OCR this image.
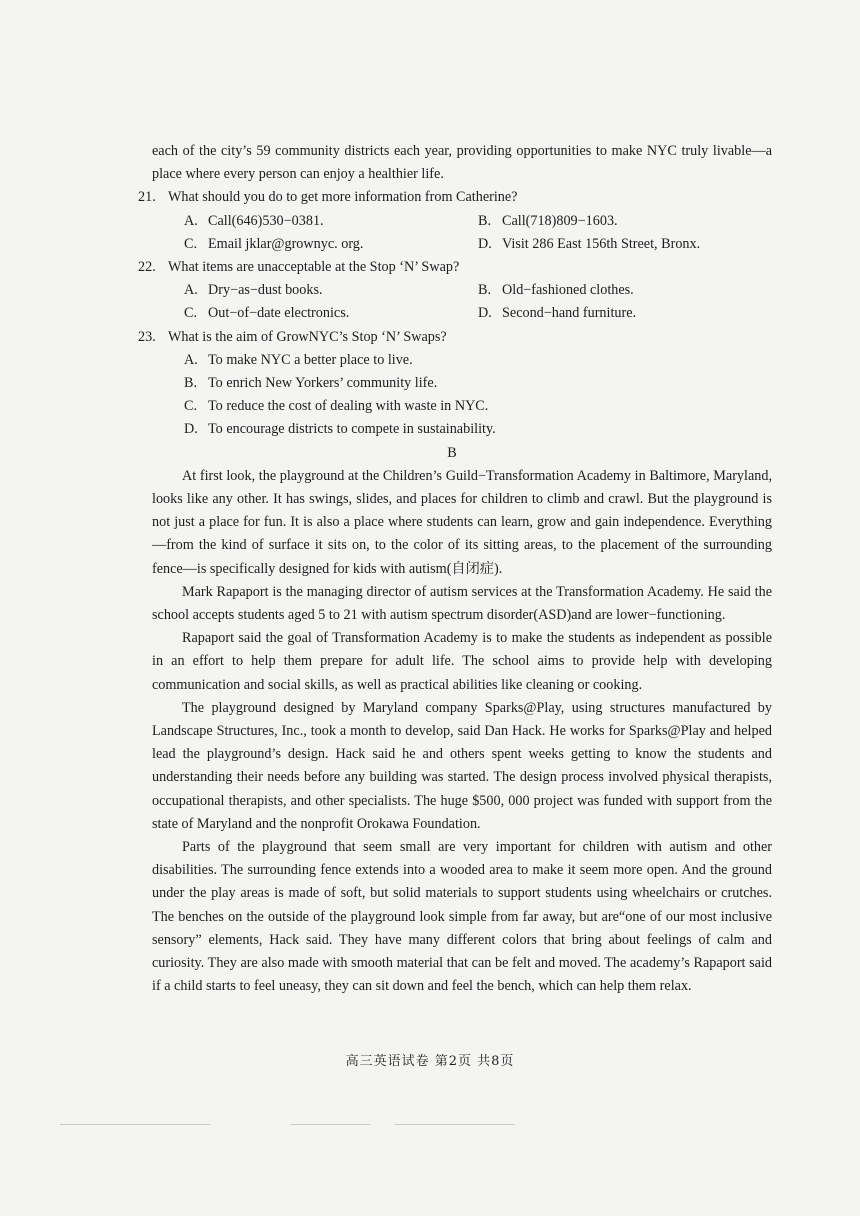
each of the city’s 59 community districts each year, providing opportunities to make NYC truly livable—a place where every person can enjoy a healthier life.

21. What should you do to get more information from Catherine?
A. Call(646)530−0381.	B. Call(718)809−1603.
C. Email jklar@grownyc. org.	D. Visit 286 East 156th Street, Bronx.
22. What items are unacceptable at the Stop ‘N’ Swap?
A. Dry−as−dust books.	B. Old−fashioned clothes.
C. Out−of−date electronics.	D. Second−hand furniture.
23. What is the aim of GrowNYC’s Stop ‘N’ Swaps?
A. To make NYC a better place to live.
B. To enrich New Yorkers’ community life.
C. To reduce the cost of dealing with waste in NYC.
D. To encourage districts to compete in sustainability.
B

At first look, the playground at the Children’s Guild−Transformation Academy in Baltimore, Maryland, looks like any other. It has swings, slides, and places for children to climb and crawl. But the playground is not just a place for fun. It is also a place where students can learn, grow and gain independence. Everything—from the kind of surface it sits on, to the color of its sitting areas, to the placement of the surrounding fence—is specifically designed for kids with autism(自闭症).

Mark Rapaport is the managing director of autism services at the Transformation Academy. He said the school accepts students aged 5 to 21 with autism spectrum disorder(ASD)and are lower−functioning.

Rapaport said the goal of Transformation Academy is to make the students as independent as possible in an effort to help them prepare for adult life. The school aims to provide help with developing communication and social skills, as well as practical abilities like cleaning or cooking.

The playground designed by Maryland company Sparks@Play, using structures manufactured by Landscape Structures, Inc., took a month to develop, said Dan Hack. He works for Sparks@Play and helped lead the playground’s design. Hack said he and others spent weeks getting to know the students and understanding their needs before any building was started. The design process involved physical therapists, occupational therapists, and other specialists. The huge $500, 000 project was funded with support from the state of Maryland and the nonprofit Orokawa Foundation.

Parts of the playground that seem small are very important for children with autism and other disabilities. The surrounding fence extends into a wooded area to make it seem more open. And the ground under the play areas is made of soft, but solid materials to support students using wheelchairs or crutches. The benches on the outside of the playground look simple from far away, but are“one of our most inclusive sensory” elements, Hack said. They have many different colors that bring about feelings of calm and curiosity. They are also made with smooth material that can be felt and moved. The academy’s Rapaport said if a child starts to feel uneasy, they can sit down and feel the bench, which can help them relax.

高三英语试卷 第2页 共8页
